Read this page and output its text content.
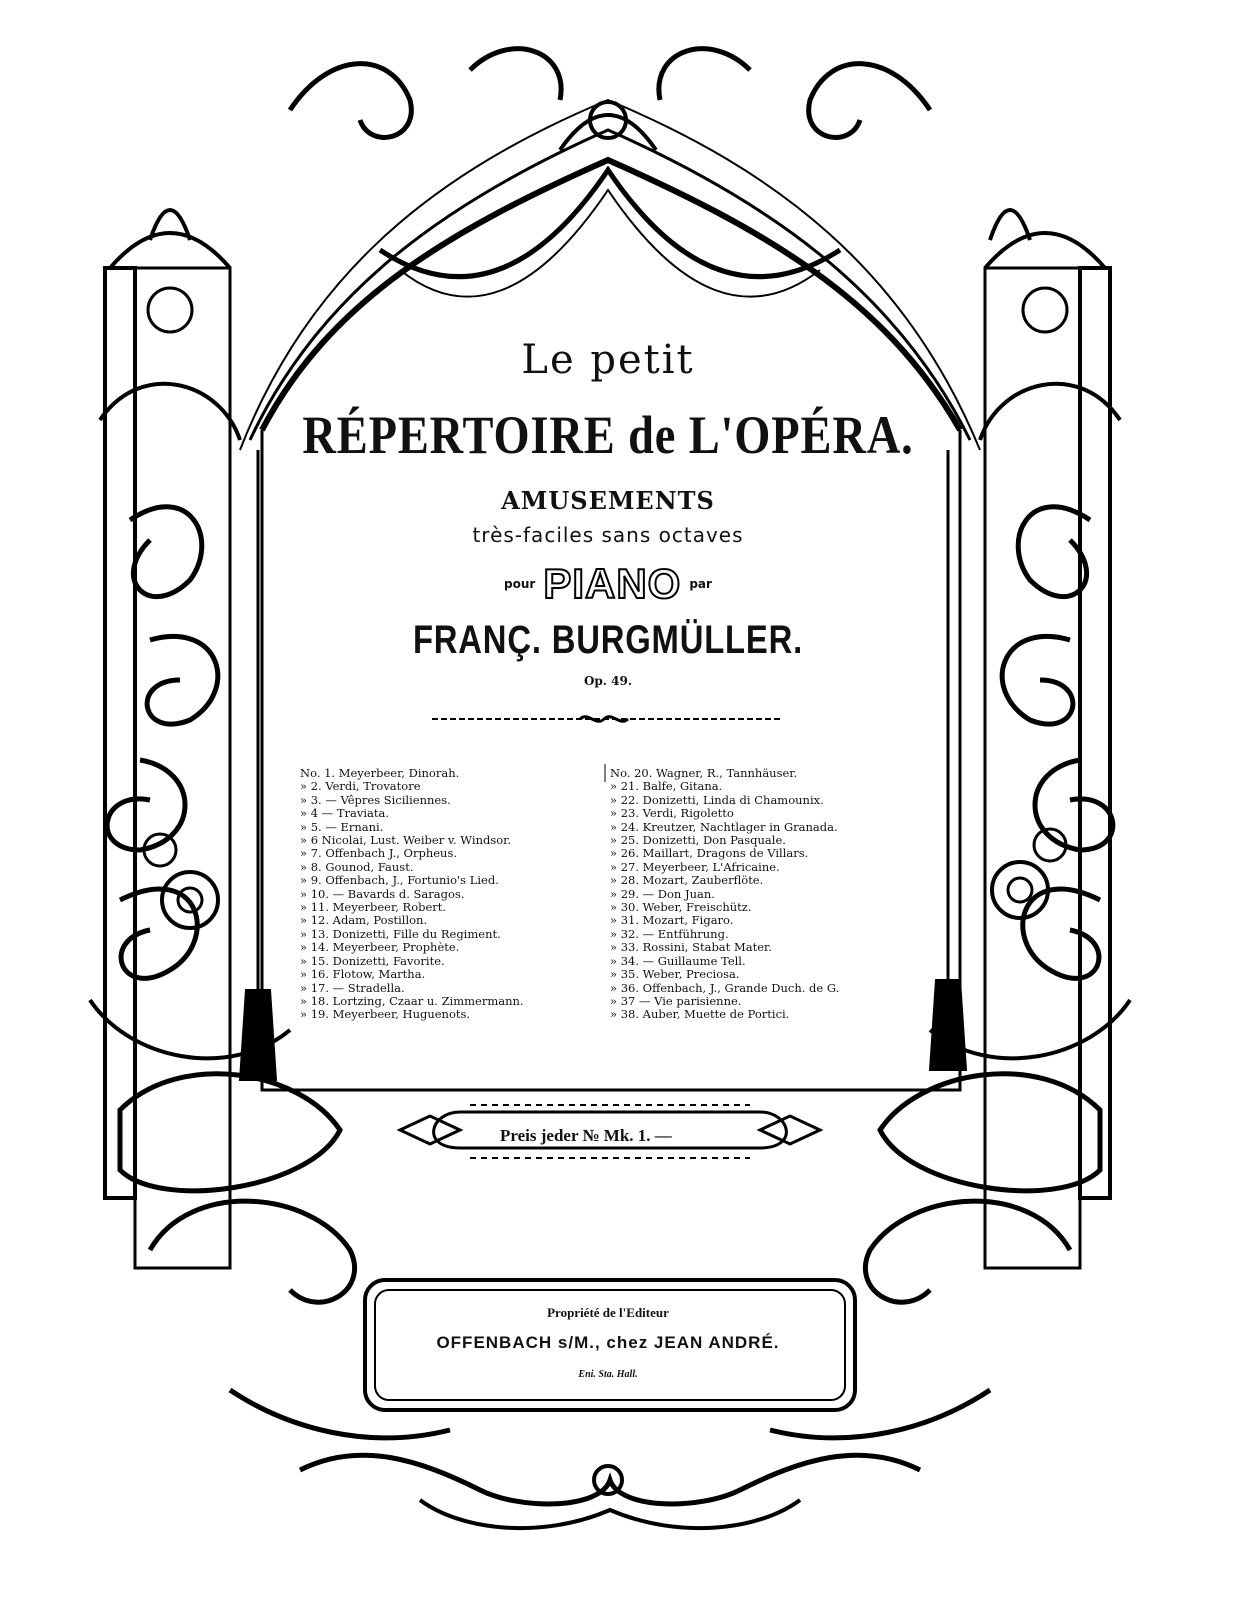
Le petit
RÉPERTOIRE de L'OPÉRA.
AMUSEMENTS
très-faciles sans octaves
pour PIANO par
FRANÇ. BURGMÜLLER.
Op. 49.
No. 1. Meyerbeer, Dinorah.
» 2. Verdi, Trovatore
» 3. — Vêpres Siciliennes.
» 4 — Traviata.
» 5. — Ernani.
» 6 Nicolai, Lust. Weiber v. Windsor.
» 7. Offenbach J., Orpheus.
» 8. Gounod, Faust.
» 9. Offenbach, J., Fortunio's Lied.
» 10. — Bavards d. Saragos.
» 11. Meyerbeer, Robert.
» 12. Adam, Postillon.
» 13. Donizetti, Fille du Regiment.
» 14. Meyerbeer, Prophète.
» 15. Donizetti, Favorite.
» 16. Flotow, Martha.
» 17. — Stradella.
» 18. Lortzing, Czaar u. Zimmermann.
» 19. Meyerbeer, Huguenots.
No. 20. Wagner, R., Tannhäuser.
» 21. Balfe, Gitana.
» 22. Donizetti, Linda di Chamounix.
» 23. Verdi, Rigoletto
» 24. Kreutzer, Nachtlager in Granada.
» 25. Donizetti, Don Pasquale.
» 26. Maillart, Dragons de Villars.
» 27. Meyerbeer, L'Africaine.
» 28. Mozart, Zauberflöte.
» 29. — Don Juan.
» 30. Weber, Freischütz.
» 31. Mozart, Figaro.
» 32. — Entführung.
» 33. Rossini, Stabat Mater.
» 34. — Guillaume Tell.
» 35. Weber, Preciosa.
» 36. Offenbach, J., Grande Duch. de G.
» 37 — Vie parisienne.
» 38. Auber, Muette de Portici.
Preis jeder № Mk. 1. —
Propriété de l'Editeur
OFFENBACH s/M., chez JEAN ANDRÉ.
Eni. Sta. Hall.
